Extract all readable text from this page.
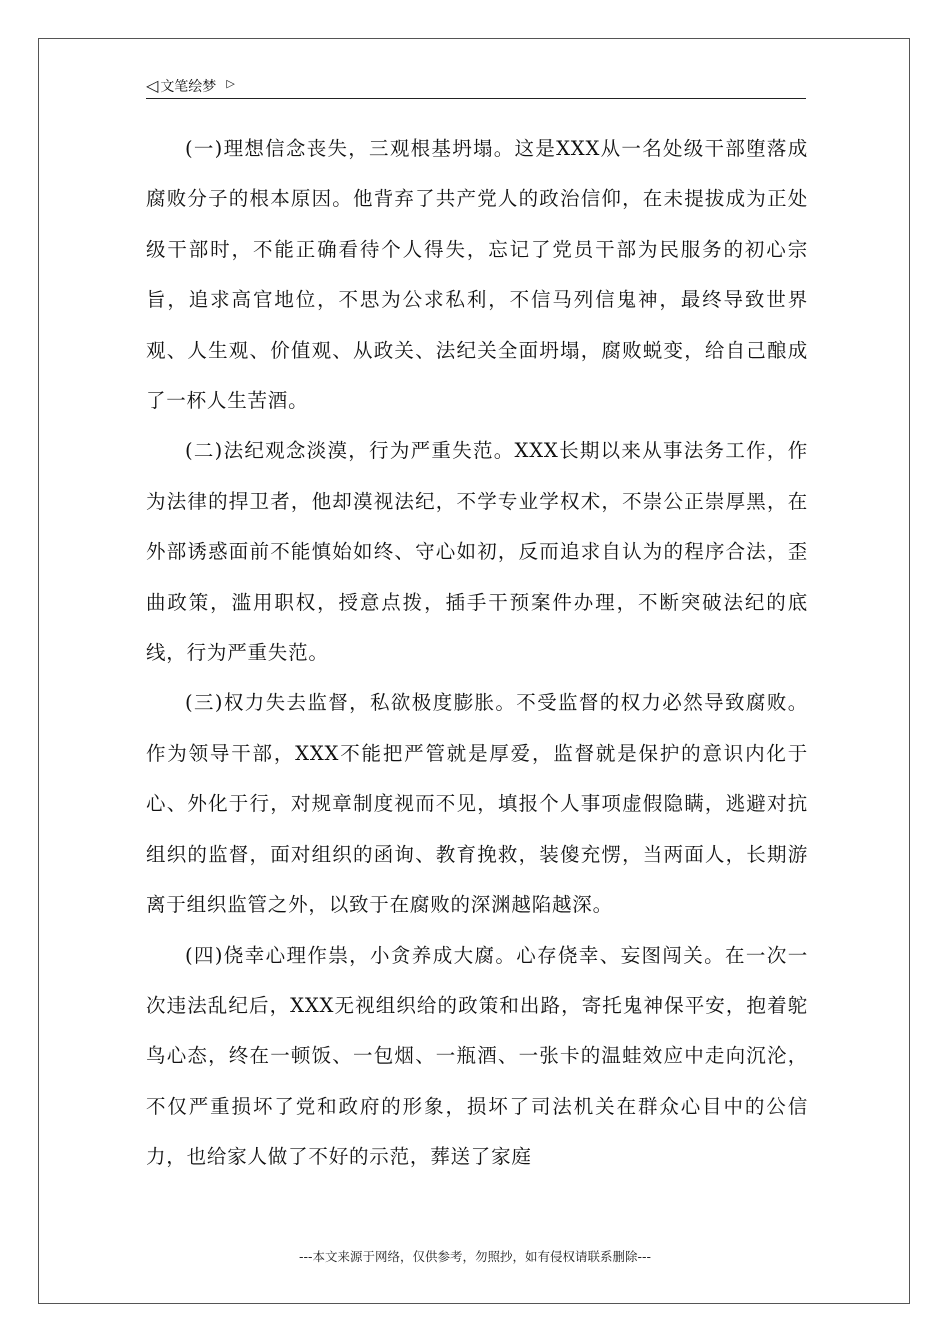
◁ 文笔绘梦 ▷

(一)理想信念丧失，三观根基坍塌。这是XXX从一名处级干部堕落成腐败分子的根本原因。他背弃了共产党人的政治信仰，在未提拔成为正处级干部时，不能正确看待个人得失，忘记了党员干部为民服务的初心宗旨，追求高官地位，不思为公求私利，不信马列信鬼神，最终导致世界观、人生观、价值观、从政关、法纪关全面坍塌，腐败蜕变，给自己酿成了一杯人生苦酒。

(二)法纪观念淡漠，行为严重失范。XXX长期以来从事法务工作，作为法律的捍卫者，他却漠视法纪，不学专业学权术，不崇公正崇厚黑，在外部诱惑面前不能慎始如终、守心如初，反而追求自认为的程序合法，歪曲政策，滥用职权，授意点拨，插手干预案件办理，不断突破法纪的底线，行为严重失范。

(三)权力失去监督，私欲极度膨胀。不受监督的权力必然导致腐败。作为领导干部，XXX不能把严管就是厚爱，监督就是保护的意识内化于心、外化于行，对规章制度视而不见，填报个人事项虚假隐瞒，逃避对抗组织的监督，面对组织的函询、教育挽救，装傻充愣，当两面人，长期游离于组织监管之外，以致于在腐败的深渊越陷越深。

(四)侥幸心理作祟，小贪养成大腐。心存侥幸、妄图闯关。在一次一次违法乱纪后，XXX无视组织给的政策和出路，寄托鬼神保平安，抱着鸵鸟心态，终在一顿饭、一包烟、一瓶酒、一张卡的温蛙效应中走向沉沦，不仅严重损坏了党和政府的形象，损坏了司法机关在群众心目中的公信力，也给家人做了不好的示范，葬送了家庭

---本文来源于网络，仅供参考，勿照抄，如有侵权请联系删除---
